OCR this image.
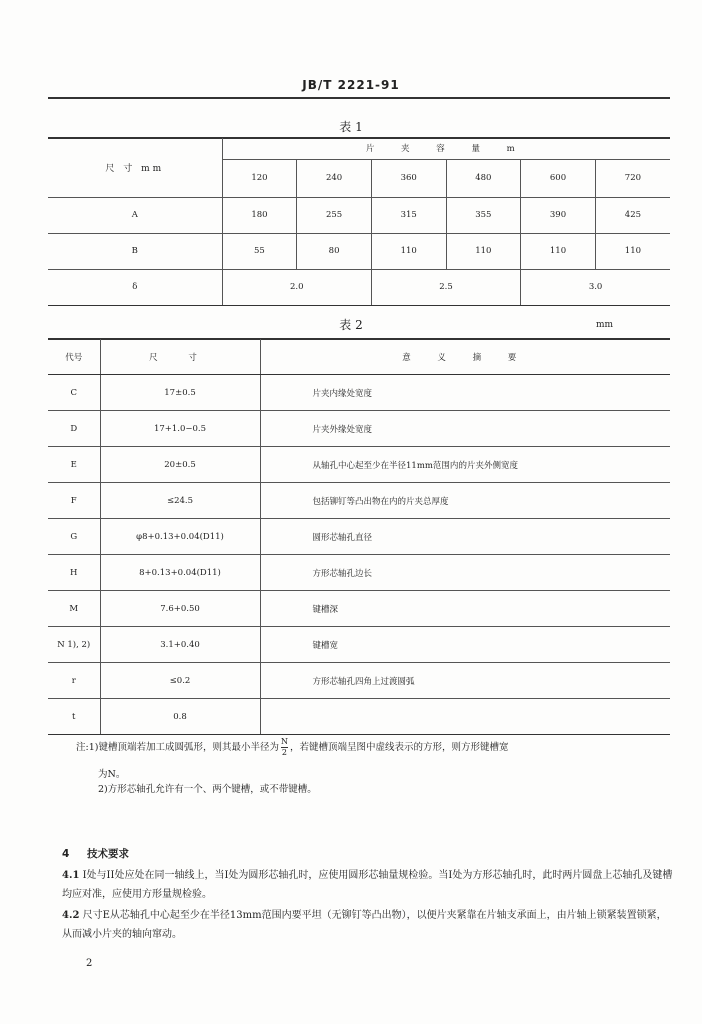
JB/T 2221-91
表 1
尺 寸 mm	片 夹 容 量 m					
	120	240	360	480	600	720
A	180	255	315	355	390	425
B	55	80	110	110	110	110
δ	2.0		2.5		3.0	
表 2	mm
代号	尺 寸	意 义 摘 要
C	17±0.5	片夹内缘处宽度
D	17+1.0−0.5	片夹外缘处宽度
E	20±0.5	从轴孔中心起至少在半径11mm范围内的片夹外侧宽度
F	≤24.5	包括铆钉等凸出物在内的片夹总厚度
G	φ8+0.13+0.04(D11)	圆形芯轴孔直径
H	8+0.13+0.04(D11)	方形芯轴孔边长
M	7.6+0.50	键槽深
N 1), 2)	3.1+0.40	键槽宽
r	≤0.2	方形芯轴孔四角上过渡圆弧
t	0.8	
注:1)键槽顶端若加工成圆弧形，则其最小半径为 $\frac{N}{2}$ ，若键槽顶端呈图中虚线表示的方形，则方形键槽宽
为N。
2)方形芯轴孔允许有一个、两个键槽，或不带键槽。
4 技术要求
4.1 I处与II处应处在同一轴线上，当I处为圆形芯轴孔时，应使用圆形芯轴量规检验。当I处为方形芯轴孔时，此时两片圆盘上芯轴孔及键槽均应对准，应使用方形量规检验。
4.2 尺寸E从芯轴孔中心起至少在半径13mm范围内要平坦（无铆钉等凸出物），以便片夹紧靠在片轴支承面上，由片轴上锁紧装置锁紧，从而减小片夹的轴向窜动。
2
